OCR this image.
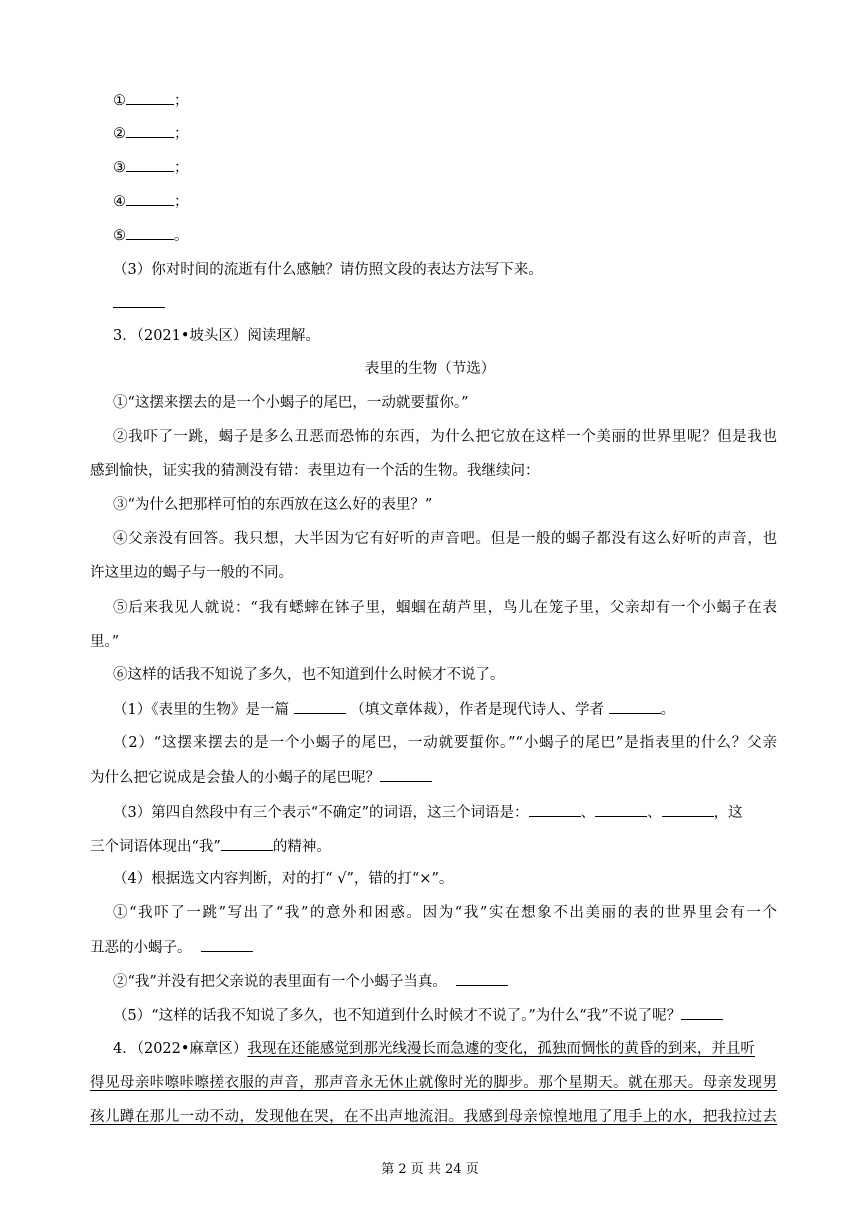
①	；
②	；
③	；
④	；
⑤	。
（3）你对时间的流逝有什么感触？请仿照文段的表达方法写下来。
3．（2021•坡头区）阅读理解。
表里的生物（节选）
①“这摆来摆去的是一个小蝎子的尾巴，一动就要蜇你。”
②我吓了一跳，蝎子是多么丑恶而恐怖的东西，为什么把它放在这样一个美丽的世界里呢？但是我也
感到愉快，证实我的猜测没有错：表里边有一个活的生物。我继续问：
③“为什么把那样可怕的东西放在这么好的表里？”
④父亲没有回答。我只想，大半因为它有好听的声音吧。但是一般的蝎子都没有这么好听的声音，也
许这里边的蝎子与一般的不同。
⑤后来我见人就说：“我有蟋蟀在钵子里，蝈蝈在葫芦里，鸟儿在笼子里，父亲却有一个小蝎子在表
里。”
⑥这样的话我不知说了多久，也不知道到什么时候才不说了。
（1）《表里的生物》是一篇	（填文章体裁），作者是现代诗人、学者	。
（2）“这摆来摆去的是一个小蝎子的尾巴，一动就要蜇你。”“小蝎子的尾巴”是指表里的什么？父亲
为什么把它说成是会蛰人的小蝎子的尾巴呢？
（3）第四自然段中有三个表示“不确定”的词语，这三个词语是：	、	、	，这
三个词语体现出“我”	的精神。
（4）根据选文内容判断，对的打“ √”，错的打“×”。
①“我吓了一跳”写出了“我”的意外和困惑。因为“我”实在想象不出美丽的表的世界里会有一个
丑恶的小蝎子。
②“我”并没有把父亲说的表里面有一个小蝎子当真。
（5）“这样的话我不知说了多久，也不知道到什么时候才不说了。”为什么“我”不说了呢？
4．（2022•麻章区）我现在还能感觉到那光线漫长而急遽的变化，孤独而惆怅的黄昏的到来，并且听
得见母亲咔嚓咔嚓搓衣服的声音，那声音永无休止就像时光的脚步。那个星期天。就在那天。母亲发现男
孩儿蹲在那儿一动不动，发现他在哭，在不出声地流泪。我感到母亲惊惶地甩了甩手上的水，把我拉过去
第 2 页 共 24 页
